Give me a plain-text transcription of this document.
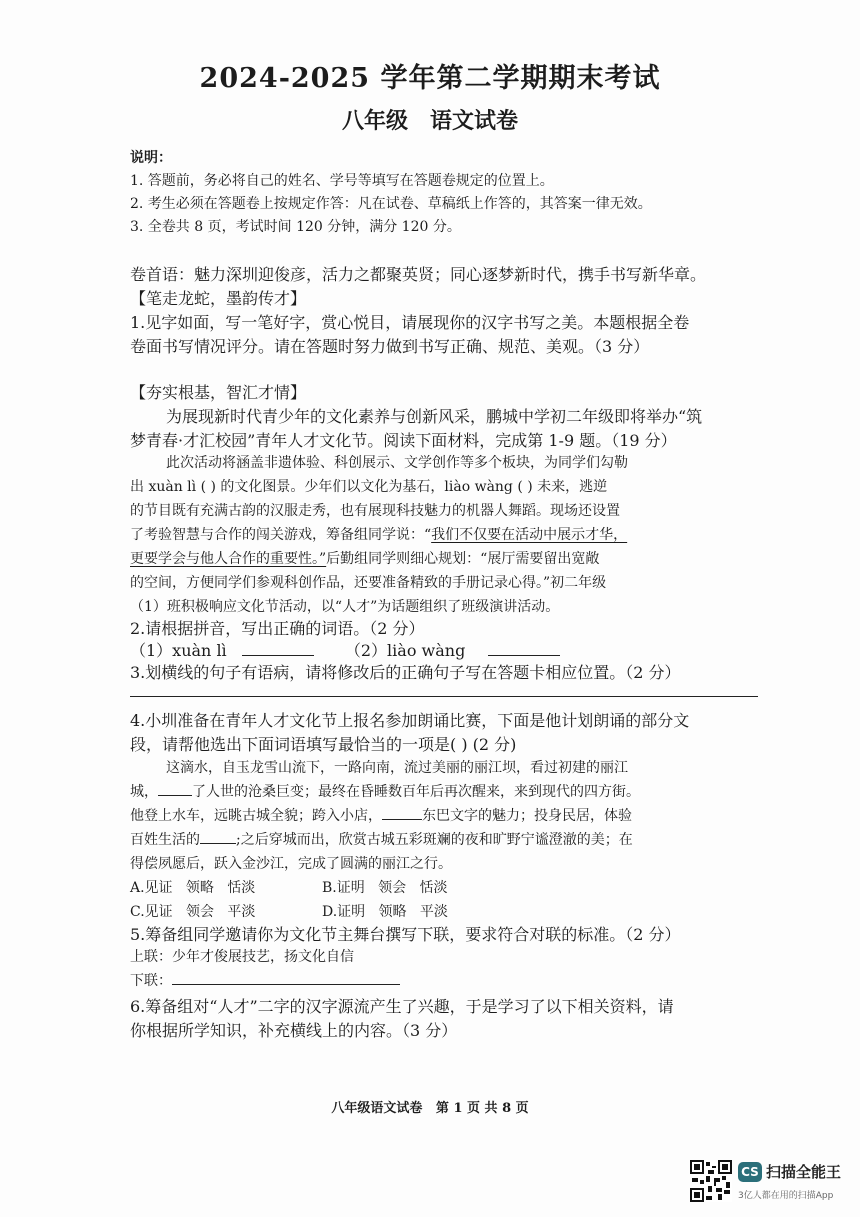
2024-2025 学年第二学期期末考试
八年级 语文试卷
说明：
1. 答题前，务必将自己的姓名、学号等填写在答题卷规定的位置上。
2. 考生必须在答题卷上按规定作答：凡在试卷、草稿纸上作答的，其答案一律无效。
3. 全卷共 8 页，考试时间 120 分钟，满分 120 分。
卷首语：魅力深圳迎俊彦，活力之都聚英贤；同心逐梦新时代，携手书写新华章。
【笔走龙蛇，墨韵传才】
1.见字如面，写一笔好字，赏心悦目，请展现你的汉字书写之美。本题根据全卷
卷面书写情况评分。请在答题时努力做到书写正确、规范、美观。（3 分）
【夯实根基，智汇才情】
为展现新时代青少年的文化素养与创新风采，鹏城中学初二年级即将举办“筑
梦青春·才汇校园”青年人才文化节。阅读下面材料，完成第 1-9 题。（19 分）
此次活动将涵盖非遗体验、科创展示、文学创作等多个板块，为同学们勾勒
出 xuàn lì ( ) 的文化图景。少年们以文化为基石，liào wàng ( ) 未来，逃逆
的节目既有充满古韵的汉服走秀，也有展现科技魅力的机器人舞蹈。现场还设置
了考验智慧与合作的闯关游戏，筹备组同学说：“我们不仅要在活动中展示才华，
更要学会与他人合作的重要性。”后勤组同学则细心规划：“展厅需要留出宽敞
的空间，方便同学们参观科创作品，还要准备精致的手册记录心得。”初二年级
（1）班积极响应文化节活动，以“人才”为话题组织了班级演讲活动。
2.请根据拼音，写出正确的词语。（2 分）
（1）xuàn lì	（2）liào wàng
3.划横线的句子有语病，请将修改后的正确句子写在答题卡相应位置。（2 分）
4.小圳准备在青年人才文化节上报名参加朗诵比赛，下面是他计划朗诵的部分文
段，请帮他选出下面词语填写最恰当的一项是( ) (2 分)
这滴水，自玉龙雪山流下，一路向南，流过美丽的丽江坝，看过初建的丽江
城， 了人世的沧桑巨变；最终在昏睡数百年后再次醒来，来到现代的四方街。
他登上水车，远眺古城全貌；跨入小店，	东巴文字的魅力；投身民居，体验
百姓生活的	;之后穿城而出，欣赏古城五彩斑斓的夜和旷野宁谧澄澈的美；在
得偿夙愿后，跃入金沙江，完成了圆满的丽江之行。
A.见证   领略   恬淡	B.证明   领会   恬淡
C.见证   领会   平淡	D.证明   领略   平淡
5.筹备组同学邀请你为文化节主舞台撰写下联，要求符合对联的标准。（2 分）
上联：少年才俊展技艺，扬文化自信
下联：
6.筹备组对“人才”二字的汉字源流产生了兴趣，于是学习了以下相关资料，请
你根据所学知识，补充横线上的内容。（3 分）
八年级语文试卷   第 1 页 共 8 页
CS 扫描全能王
3亿人都在用的扫描App
